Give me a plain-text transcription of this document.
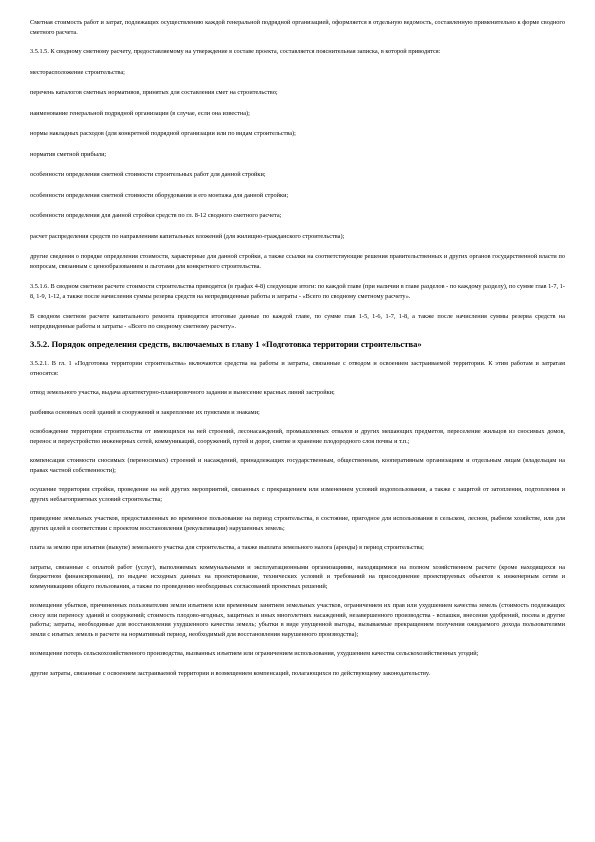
Сметная стоимость работ и затрат, подлежащих осуществлению каждой генеральной подрядной организацией, оформляется в отдельную ведомость, составленную применительно к форме сводного сметного расчета.

3.5.1.5. К сводному сметному расчету, предоставляемому на утверждение в составе проекта, составляется пояснительная записка, в которой приводятся:

месторасположение строительства;

перечень каталогов сметных нормативов, принятых для составления смет на строительство;

наименование генеральной подрядной организации (в случае, если она известна);

нормы накладных расходов (для конкретной подрядной организации или по видам строительства);

норматив сметной прибыли;

особенности определения сметной стоимости строительных работ для данной стройки;

особенности определения сметной стоимости оборудования и его монтажа для данной стройки;

особенности определения для данной стройки средств по гл. 8-12 сводного сметного расчета;

расчет распределения средств по направлениям капитальных вложений (для жилищно-гражданского строительства);

другие сведения о порядке определения стоимости, характерные для данной стройки, а также ссылки на соответствующие решения правительственных и других органов государственной власти по вопросам, связанным с ценообразованием и льготами для конкретного строительства.

3.5.1.6. В сводном сметном расчете стоимости строительства приводятся (в графах 4-8) следующие итоги: по каждой главе (при наличии в главе разделов - по каждому разделу), по сумме глав 1-7, 1-8, 1-9, 1-12, а также после начисления суммы резерва средств на непредвиденные работы и затраты - «Всего по сводному сметному расчету».

В сводном сметном расчете капитального ремонта приводятся итоговые данные по каждой главе, по сумме глав 1-5, 1-6, 1-7, 1-8, а также после начисления суммы резерва средств на непредвиденные работы и затраты - «Всего по сводному сметному расчету».

3.5.2. Порядок определения средств, включаемых в главу 1 «Подготовка территории строительства»

3.5.2.1. В гл. 1 «Подготовка территории строительства» включаются средства на работы и затраты, связанные с отводом и освоением застраиваемой территории. К этим работам и затратам относятся:

отвод земельного участка, выдача архитектурно-планировочного задания и вынесение красных линий застройки;

разбивка основных осей зданий и сооружений и закрепление их пунктами и знаками;

освобождение территории строительства от имеющихся на ней строений, лесонасаждений, промышленных отвалов и других мешающих предметов, переселение жильцов из сносимых домов, перенос и переустройство инженерных сетей, коммуникаций, сооружений, путей и дорог, снятие и хранение плодородного слоя почвы и т.п.;

компенсация стоимости сносимых (переносимых) строений и насаждений, принадлежащих государственным, общественным, кооперативным организациям и отдельным лицам (владельцам на правах частной собственности);

осушение территории стройки, проведение на ней других мероприятий, связанных с прекращением или изменением условий водопользования, а также с защитой от затопления, подтопления и других неблагоприятных условий строительства;

приведение земельных участков, предоставленных во временное пользование на период строительства, в состояние, пригодное для использования в сельском, лесном, рыбном хозяйстве, или для других целей в соответствии с проектом восстановления (рекультивации) нарушенных земель;

плата за землю при изъятии (выкупе) земельного участка для строительства, а также выплата земельного налога (аренды) в период строительства;

затраты, связанные с оплатой работ (услуг), выполняемых коммунальными и эксплуатационными организациями, находящимися на полном хозяйственном расчете (кроме находящихся на бюджетном финансировании), по выдаче исходных данных на проектирование, технических условий и требований на присоединение проектируемых объектов к инженерным сетям и коммуникациям общего пользования, а также по проведению необходимых согласований проектных решений;

возмещение убытков, причиненных пользователям земли изъятием или временным занятием земельных участков, ограничением их прав или ухудшением качества земель (стоимость подлежащих сносу или переносу зданий и сооружений; стоимость плодово-ягодных, защитных и иных многолетних насаждений, незавершенного производства - вспашки, внесения удобрений, посева и другие работы; затраты, необходимые для восстановления ухудшенного качества земель; убытки в виде упущенной выгоды, вызываемые прекращением получения ожидаемого дохода пользователями земли с изъятых земель в расчете на нормативный период, необходимый для восстановления нарушенного производства);

возмещение потерь сельскохозяйственного производства, вызванных изъятием или ограничением использования, ухудшением качества сельскохозяйственных угодий;

другие затраты, связанные с освоением застраиваемой территории и возмещением компенсаций, полагающихся по действующему законодательству.
